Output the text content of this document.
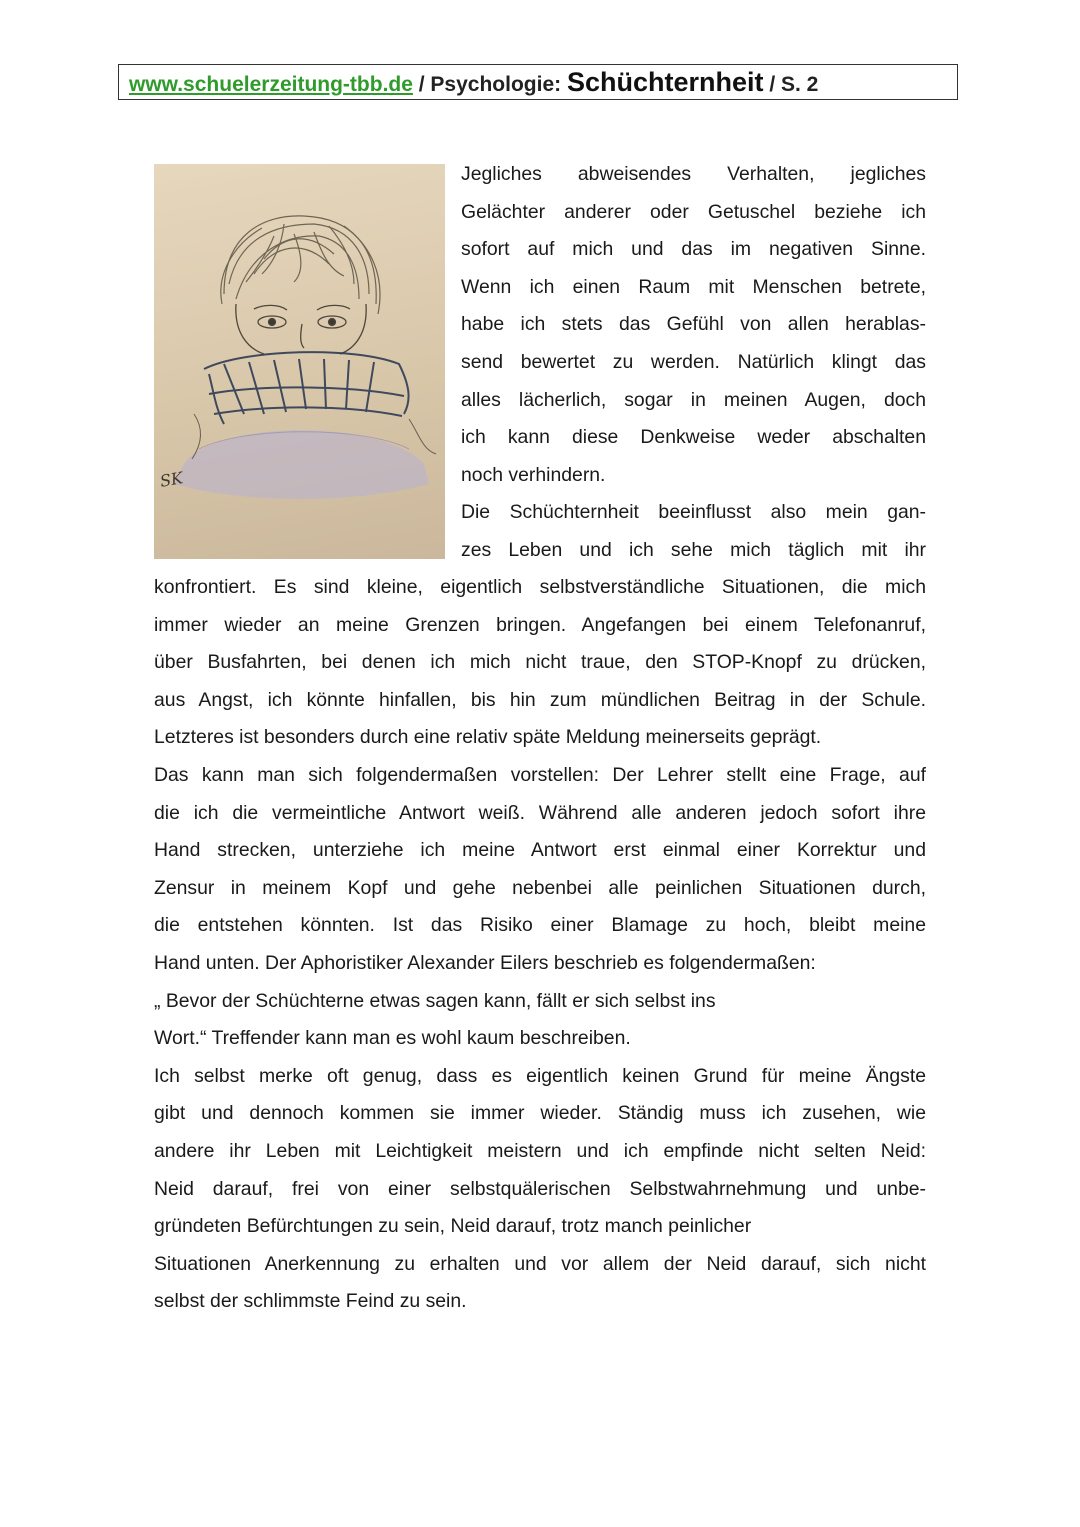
www.schuelerzeitung-tbb.de / Psychologie: Schüchternheit / S. 2
SK
Jegliches abweisendes Verhalten, jegliches
Gelächter anderer oder Getuschel beziehe ich
sofort auf mich und das im negativen Sinne.
Wenn ich einen Raum mit Menschen betrete,
habe ich stets das Gefühl von allen herablas-
send bewertet zu werden. Natürlich klingt das
alles lächerlich, sogar in meinen Augen, doch
ich kann diese Denkweise weder abschalten
noch verhindern.
Die Schüchternheit beeinflusst also mein gan-
zes Leben und ich sehe mich täglich mit ihr
konfrontiert. Es sind kleine, eigentlich selbstverständliche Situationen, die mich
immer wieder an meine Grenzen bringen. Angefangen bei einem Telefonanruf,
über Busfahrten, bei denen ich mich nicht traue, den STOP-Knopf zu drücken,
aus Angst, ich könnte hinfallen, bis hin zum mündlichen Beitrag in der Schule.
Letzteres ist besonders durch eine relativ späte Meldung meinerseits geprägt.
Das kann man sich folgendermaßen vorstellen: Der Lehrer stellt eine Frage, auf
die ich die vermeintliche Antwort weiß. Während alle anderen jedoch sofort ihre
Hand strecken, unterziehe ich meine Antwort erst einmal einer Korrektur und
Zensur in meinem Kopf und gehe nebenbei alle peinlichen Situationen durch,
die entstehen könnten. Ist das Risiko einer Blamage zu hoch, bleibt meine
Hand unten. Der Aphoristiker Alexander Eilers beschrieb es folgendermaßen:
„ Bevor der Schüchterne etwas sagen kann, fällt er sich selbst ins
Wort.“ Treffender kann man es wohl kaum beschreiben.
Ich selbst merke oft genug, dass es eigentlich keinen Grund für meine Ängste
gibt und dennoch kommen sie immer wieder. Ständig muss ich zusehen, wie
andere ihr Leben mit Leichtigkeit meistern und ich empfinde nicht selten Neid:
Neid darauf, frei von einer selbstquälerischen Selbstwahrnehmung und unbe-
gründeten Befürchtungen zu sein, Neid darauf, trotz manch peinlicher
Situationen Anerkennung zu erhalten und vor allem der Neid darauf, sich nicht
selbst der schlimmste Feind zu sein.
